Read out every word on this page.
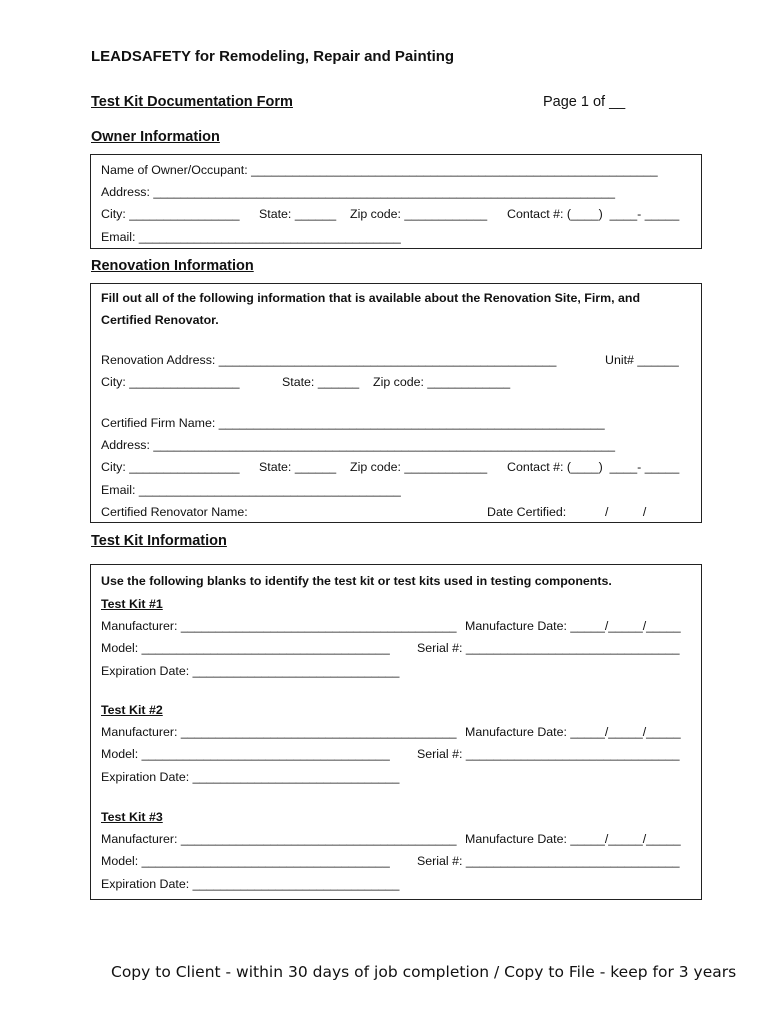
LEADSAFETY for Remodeling, Repair and Painting
Test Kit Documentation Form	Page 1 of __
Owner Information
Name of Owner/Occupant: ___________________________________________________________
Address: ___________________________________________________________________
City: ________________ State: ______ Zip code: ____________ Contact #: (____)  ____- _____
Email: ______________________________________
Renovation Information
Fill out all of the following information that is available about the Renovation Site, Firm, and
Certified Renovator.
Renovation Address: _________________________________________________	Unit# ______
City: ________________	State: ______ Zip code: ____________
Certified Firm Name: ________________________________________________________
Address: ___________________________________________________________________
City: ________________ State: ______ Zip code: ____________ Contact #: (____)  ____- _____
Email: ______________________________________
Certified Renovator Name:	Date Certified:	/          /
Test Kit Information
Use the following blanks to identify the test kit or test kits used in testing components.
Test Kit #1
Manufacturer: ________________________________________ Manufacture Date: _____/_____/_____
Model: ____________________________________ Serial #: _______________________________
Expiration Date: ______________________________
Test Kit #2
Manufacturer: ________________________________________ Manufacture Date: _____/_____/_____
Model: ____________________________________ Serial #: _______________________________
Expiration Date: ______________________________
Test Kit #3
Manufacturer: ________________________________________ Manufacture Date: _____/_____/_____
Model: ____________________________________ Serial #: _______________________________
Expiration Date: ______________________________
Copy to Client - within 30 days of job completion / Copy to File - keep for 3 years
